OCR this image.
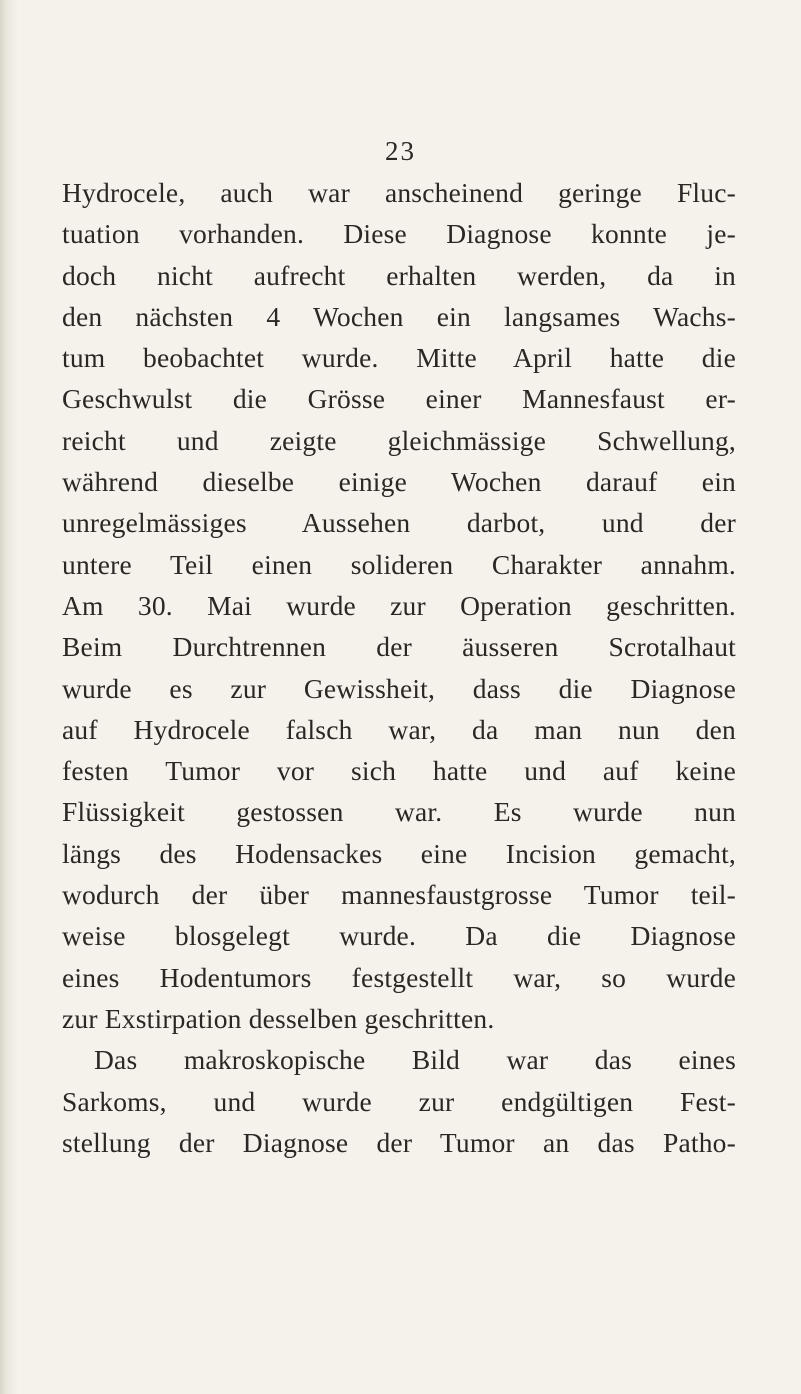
23
Hydrocele, auch war anscheinend geringe Fluc-
tuation vorhanden. Diese Diagnose konnte je-
doch nicht aufrecht erhalten werden, da in
den nächsten 4 Wochen ein langsames Wachs-
tum beobachtet wurde. Mitte April hatte die
Geschwulst die Grösse einer Mannesfaust er-
reicht und zeigte gleichmässige Schwellung,
während dieselbe einige Wochen darauf ein
unregelmässiges Aussehen darbot, und der
untere Teil einen solideren Charakter annahm.
Am 30. Mai wurde zur Operation geschritten.
Beim Durchtrennen der äusseren Scrotalhaut
wurde es zur Gewissheit, dass die Diagnose
auf Hydrocele falsch war, da man nun den
festen Tumor vor sich hatte und auf keine
Flüssigkeit gestossen war. Es wurde nun
längs des Hodensackes eine Incision gemacht,
wodurch der über mannesfaustgrosse Tumor teil-
weise blosgelegt wurde. Da die Diagnose
eines Hodentumors festgestellt war, so wurde
zur Exstirpation desselben geschritten.
Das makroskopische Bild war das eines
Sarkoms, und wurde zur endgültigen Fest-
stellung der Diagnose der Tumor an das Patho-
